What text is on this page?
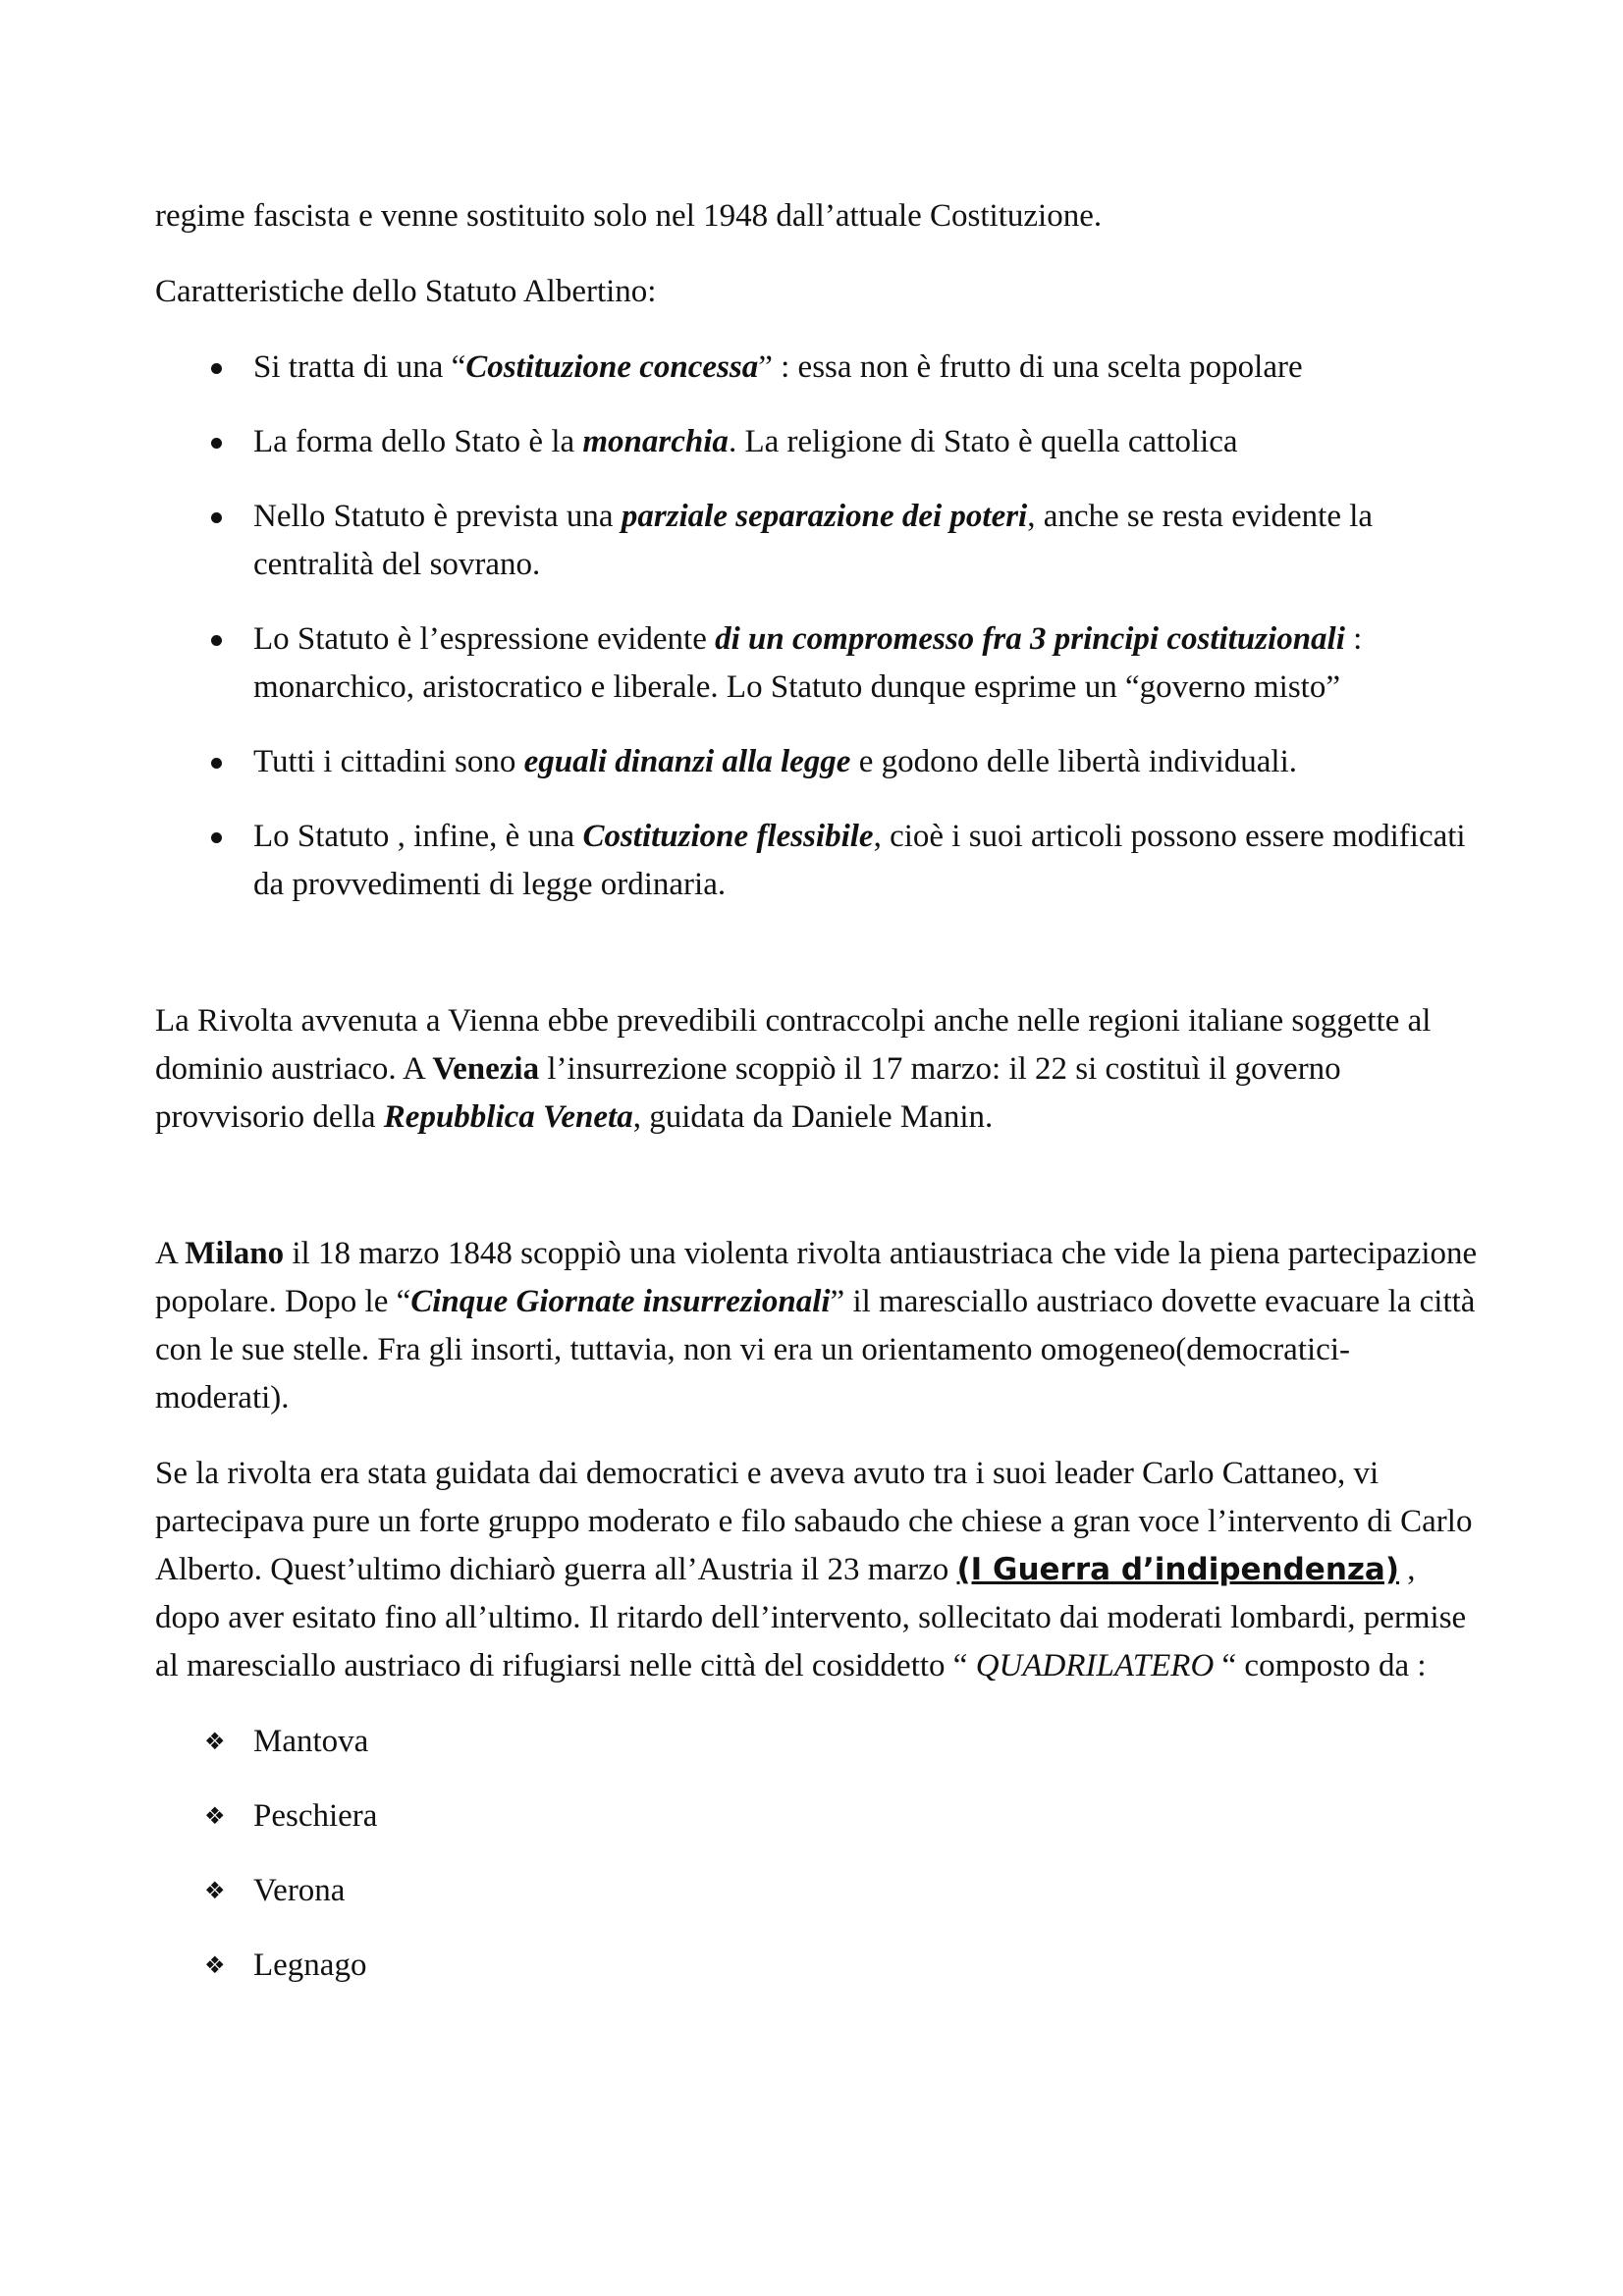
regime fascista e venne sostituito solo nel 1948 dall’attuale Costituzione.

Caratteristiche dello Statuto Albertino:

Si tratta di una “Costituzione concessa” : essa non è frutto di una scelta popolare
La forma dello Stato è la monarchia. La religione di Stato è quella cattolica
Nello Statuto è prevista una parziale separazione dei poteri, anche se resta evidente la centralità del sovrano.
Lo Statuto è l’espressione evidente di un compromesso fra 3 principi costituzionali : monarchico, aristocratico e liberale. Lo Statuto dunque esprime un “governo misto”
Tutti i cittadini sono eguali dinanzi alla legge e godono delle libertà individuali.
Lo Statuto , infine, è una Costituzione flessibile, cioè i suoi articoli possono essere modificati da provvedimenti di legge ordinaria.

La Rivolta avvenuta a Vienna ebbe prevedibili contraccolpi anche nelle regioni italiane soggette al dominio austriaco. A Venezia l’insurrezione scoppiò il 17 marzo: il 22 si costituì il governo provvisorio della Repubblica Veneta, guidata da Daniele Manin.

A Milano il 18 marzo 1848 scoppiò una violenta rivolta antiaustriaca che vide la piena partecipazione popolare. Dopo le “Cinque Giornate insurrezionali” il maresciallo austriaco dovette evacuare la città con le sue stelle. Fra gli insorti, tuttavia, non vi era un orientamento omogeneo(democratici- moderati).

Se la rivolta era stata guidata dai democratici e aveva avuto tra i suoi leader Carlo Cattaneo, vi partecipava pure un forte gruppo moderato e filo sabaudo che chiese a gran voce l’intervento di Carlo Alberto. Quest’ultimo dichiarò guerra all’Austria il 23 marzo (I Guerra d’indipendenza) , dopo aver esitato fino all’ultimo. Il ritardo dell’intervento, sollecitato dai moderati lombardi, permise al maresciallo austriaco di rifugiarsi nelle città del cosiddetto “ QUADRILATERO “ composto da :

❖ Mantova
❖ Peschiera
❖ Verona
❖ Legnago
